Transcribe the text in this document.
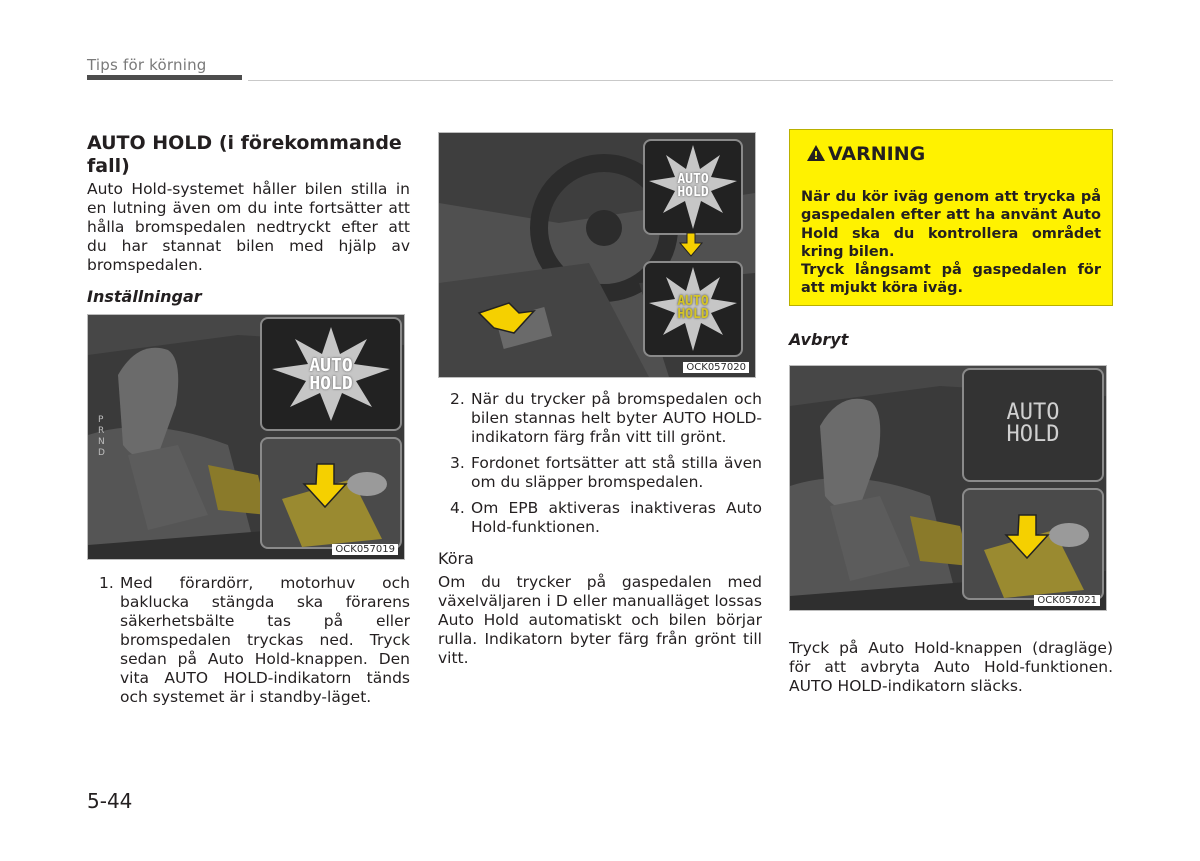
Tips för körning
AUTO HOLD (i förekommande fall)

Auto Hold-systemet håller bilen stilla in en lutning även om du inte fortsätter att hålla bromspedalen nedtryckt efter att du har stannat bilen med hjälp av bromspedalen.

Inställningar

P
R
N
D
AUTO
HOLD
OCK057019
1. Med förardörr, motorhuv och baklucka stängda ska förarens säkerhetsbälte tas på eller bromspedalen tryckas ned. Tryck sedan på Auto Hold-knappen. Den vita AUTO HOLD-indikatorn tänds och systemet är i standby-läget.
AUTO
HOLD
AUTO
HOLD
OCK057020
2. När du trycker på bromspedalen och bilen stannas helt byter AUTO HOLD-indikatorn färg från vitt till grönt.
3. Fordonet fortsätter att stå stilla även om du släpper bromspedalen.
4. Om EPB aktiveras inaktiveras Auto Hold-funktionen.

Köra

Om du trycker på gaspedalen med växelväljaren i D eller manualläget lossas Auto Hold automatiskt och bilen börjar rulla. Indikatorn byter färg från grönt till vitt.

! VARNING

När du kör iväg genom att trycka på gaspedalen efter att ha använt Auto Hold ska du kontrollera området kring bilen.

Tryck långsamt på gaspedalen för att mjukt köra iväg.

Avbryt

AUTO
HOLD
OCK057021

Tryck på Auto Hold-knappen (dragläge) för att avbryta Auto Hold-funktionen. AUTO HOLD-indikatorn släcks.

5-44
